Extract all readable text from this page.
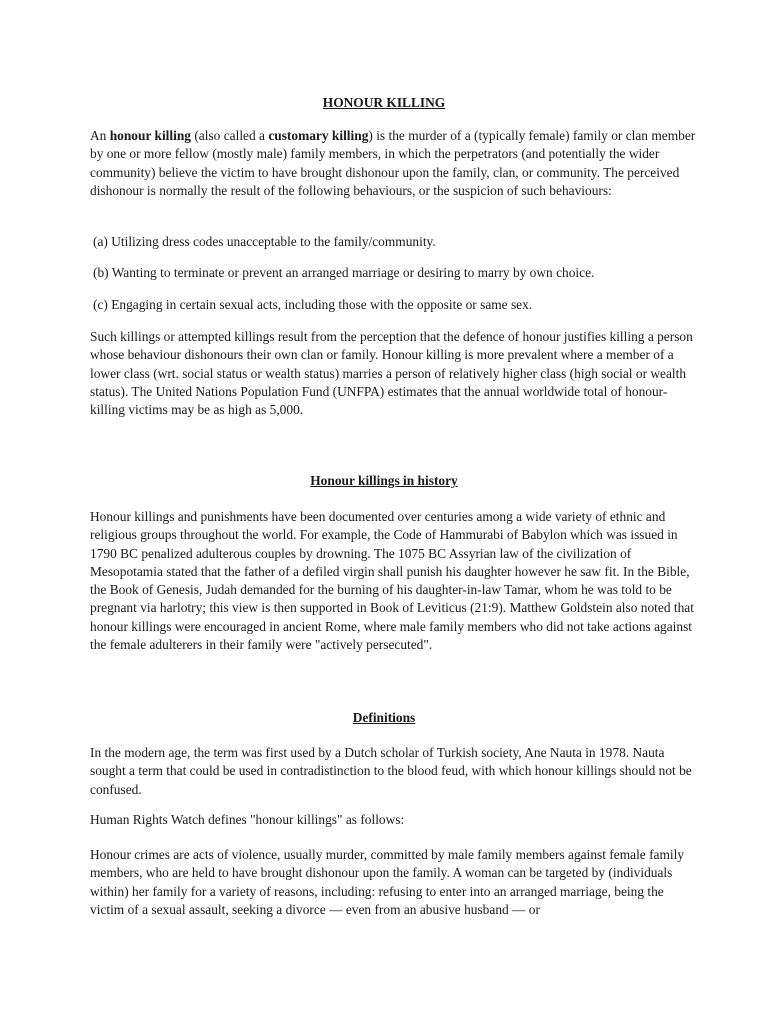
HONOUR KILLING

An honour killing (also called a customary killing) is the murder of a (typically female) family or clan member by one or more fellow (mostly male) family members, in which the perpetrators (and potentially the wider community) believe the victim to have brought dishonour upon the family, clan, or community. The perceived dishonour is normally the result of the following behaviours, or the suspicion of such behaviours:

(a) Utilizing dress codes unacceptable to the family/community.

(b) Wanting to terminate or prevent an arranged marriage or desiring to marry by own choice.

(c) Engaging in certain sexual acts, including those with the opposite or same sex.

Such killings or attempted killings result from the perception that the defence of honour justifies killing a person whose behaviour dishonours their own clan or family. Honour killing is more prevalent where a member of a lower class (wrt. social status or wealth status) marries a person of relatively higher class (high social or wealth status). The United Nations Population Fund (UNFPA) estimates that the annual worldwide total of honour-killing victims may be as high as 5,000.

Honour killings in history

Honour killings and punishments have been documented over centuries among a wide variety of ethnic and religious groups throughout the world. For example, the Code of Hammurabi of Babylon which was issued in 1790 BC penalized adulterous couples by drowning. The 1075 BC Assyrian law of the civilization of Mesopotamia stated that the father of a defiled virgin shall punish his daughter however he saw fit. In the Bible, the Book of Genesis, Judah demanded for the burning of his daughter-in-law Tamar, whom he was told to be pregnant via harlotry; this view is then supported in Book of Leviticus (21:9). Matthew Goldstein also noted that honour killings were encouraged in ancient Rome, where male family members who did not take actions against the female adulterers in their family were "actively persecuted".

Definitions

In the modern age, the term was first used by a Dutch scholar of Turkish society, Ane Nauta in 1978. Nauta sought a term that could be used in contradistinction to the blood feud, with which honour killings should not be confused.

Human Rights Watch defines "honour killings" as follows:

Honour crimes are acts of violence, usually murder, committed by male family members against female family members, who are held to have brought dishonour upon the family. A woman can be targeted by (individuals within) her family for a variety of reasons, including: refusing to enter into an arranged marriage, being the victim of a sexual assault, seeking a divorce — even from an abusive husband — or
